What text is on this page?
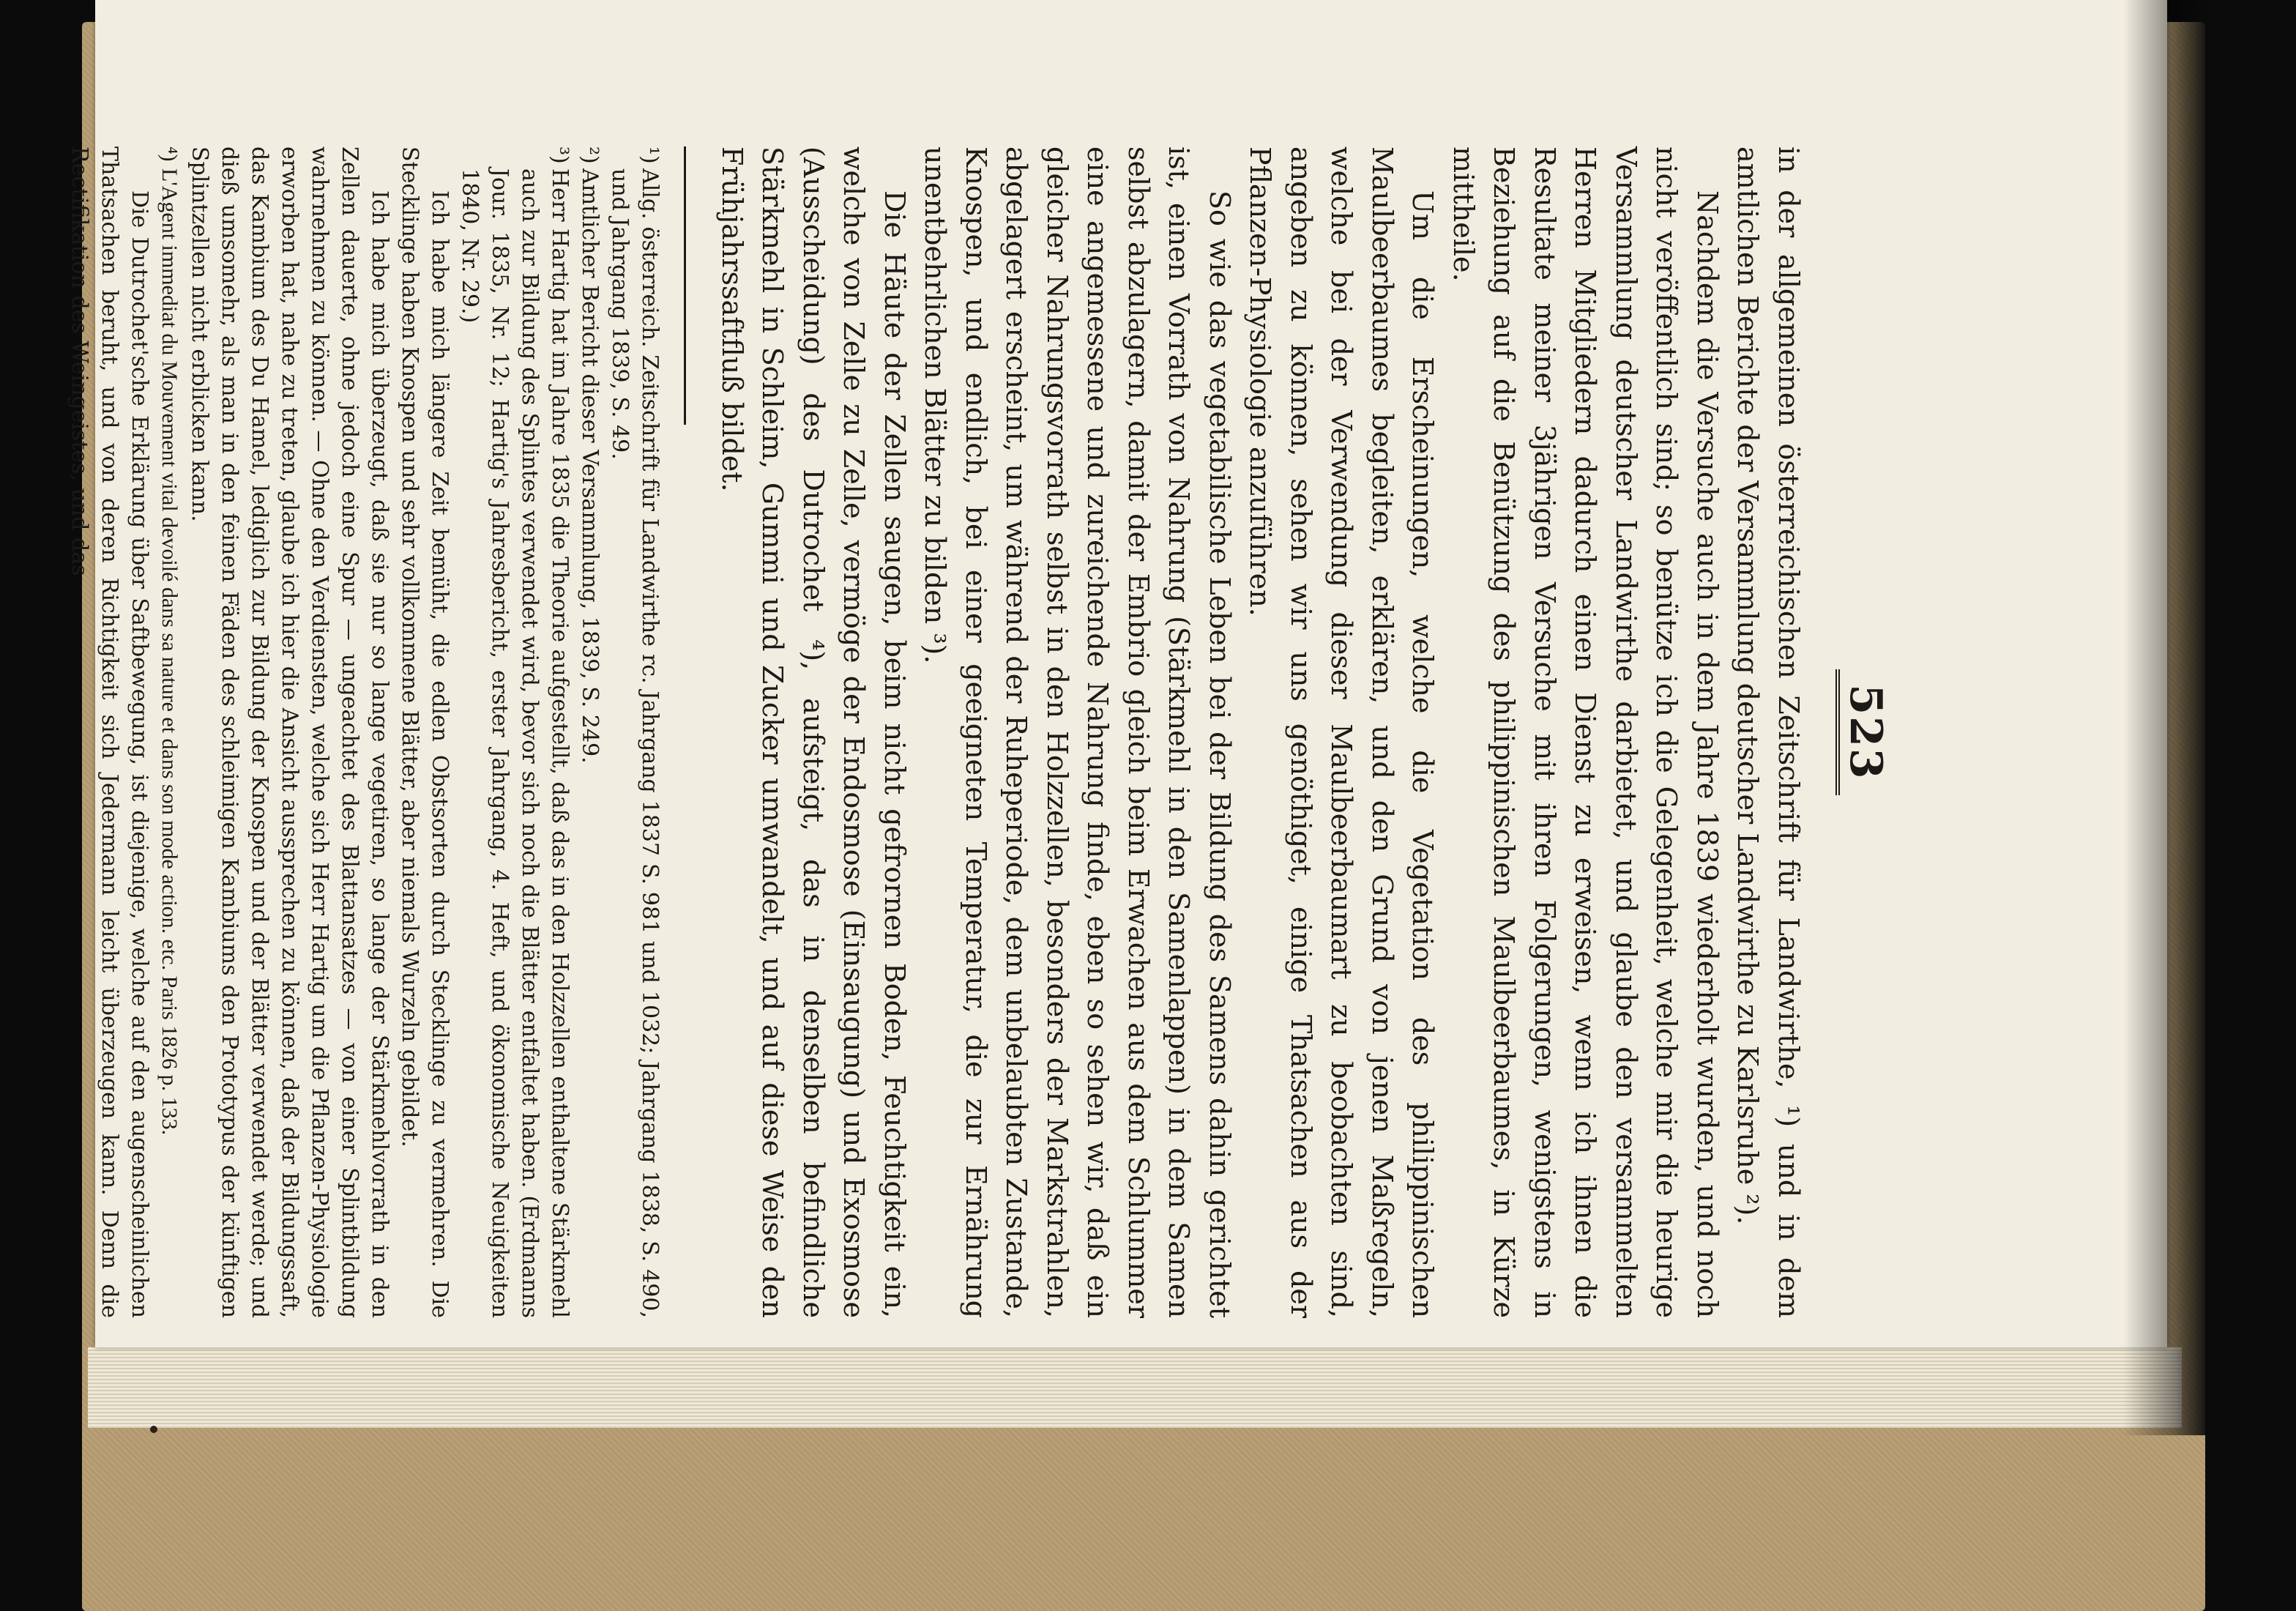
523

in der allgemeinen österreichischen Zeitschrift für Landwirthe, ¹) und in dem amtlichen Berichte der Versammlung deutscher Landwirthe zu Karlsruhe ²).

Nachdem die Versuche auch in dem Jahre 1839 wiederholt wurden, und noch nicht veröffentlich sind; so benütze ich die Gelegenheit, welche mir die heurige Versammlung deutscher Landwirthe darbietet, und glaube den versammelten Herren Mitgliedern dadurch einen Dienst zu erweisen, wenn ich ihnen die Resultate meiner 3jährigen Versuche mit ihren Folgerungen, wenigstens in Beziehung auf die Benützung des philippinischen Maulbeerbaumes, in Kürze mittheile.

Um die Erscheinungen, welche die Vegetation des philippinischen Maulbeerbaumes begleiten, erklären, und den Grund von jenen Maßregeln, welche bei der Verwendung dieser Maulbeerbaumart zu beobachten sind, angeben zu können, sehen wir uns genöthiget, einige Thatsachen aus der Pflanzen-Physiologie anzuführen.

So wie das vegetabilische Leben bei der Bildung des Samens dahin gerichtet ist, einen Vorrath von Nahrung (Stärkmehl in den Samenlappen) in dem Samen selbst abzulagern, damit der Embrio gleich beim Erwachen aus dem Schlummer eine angemessene und zureichende Nahrung finde, eben so sehen wir, daß ein gleicher Nahrungsvorrath selbst in den Holzzellen, besonders der Markstrahlen, abgelagert erscheint, um während der Ruheperiode, dem unbelaubten Zustande, Knospen, und endlich, bei einer geeigneten Temperatur, die zur Ernährung unentbehrlichen Blätter zu bilden ³).

Die Häute der Zellen saugen, beim nicht gefrornen Boden, Feuchtigkeit ein, welche von Zelle zu Zelle, vermöge der Endosmose (Einsaugung) und Exosmose (Ausscheidung) des Dutrochet ⁴), aufsteigt, das in denselben befindliche Stärkmehl in Schleim, Gummi und Zucker umwandelt, und auf diese Weise den Frühjahrssaftfluß bildet.

¹)
Allg. österreich. Zeitschrift für Landwirthe rc. Jahrgang 1837 S. 981 und 1032; Jahrgang 1838, S. 490, und Jahrgang 1839, S. 49.

²)
Amtlicher Bericht dieser Versammlung, 1839, S. 249.

³)
Herr Hartig hat im Jahre 1835 die Theorie aufgestellt, daß das in den Holzzellen enthaltene Stärkmehl auch zur Bildung des Splintes verwendet wird, bevor sich noch die Blätter entfaltet haben. (Erdmanns Jour. 1835, Nr. 12; Hartig's Jahresbericht, erster Jahrgang, 4. Heft, und ökonomische Neuigkeiten 1840, Nr. 29.)

Ich habe mich längere Zeit bemüht, die edlen Obstsorten durch Stecklinge zu vermehren. Die Stecklinge haben Knospen und sehr vollkommene Blätter, aber niemals Wurzeln gebildet.

Ich habe mich überzeugt, daß sie nur so lange vegetiren, so lange der Stärkmehlvorrath in den Zellen dauerte, ohne jedoch eine Spur — ungeachtet des Blattansatzes — von einer Splintbildung wahrnehmen zu können. — Ohne den Verdiensten, welche sich Herr Hartig um die Pflanzen-Physiologie erworben hat, nahe zu treten, glaube ich hier die Ansicht aussprechen zu können, daß der Bildungssaft, das Kambium des Du Hamel, lediglich zur Bildung der Knospen und der Blätter verwendet werde; und dieß umsomehr, als man in den feinen Fäden des schleimigen Kambiums den Prototypus der künftigen Splintzellen nicht erblicken kann.

⁴)
L'Agent immediat du Mouvement vital devoilé dans sa nature et dans son mode action. etc. Paris 1826 p. 133.

Die Dutrochet'sche Erklärung über Saftbewegung, ist diejenige, welche auf den augenscheinlichen Thatsachen beruht, und von deren Richtigkeit sich Jedermann leicht überzeugen kann. Denn die Rectifikation des Weingeistes, und das
